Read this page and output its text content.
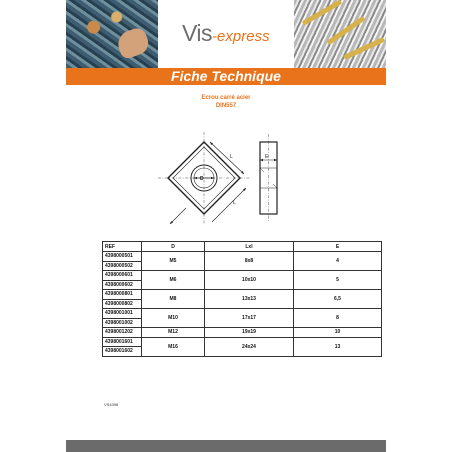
Vis-express
Fiche Technique
Ecrou carré acier
DIN557
D
L
L
E
REF	D	Lxl	E
4398000501	M5	8x8	4
4398000502			
4398000601	M6	10x10	5
4398000602			
4398000801	M8	13x13	6,5
4398000802			
4398001001	M10	17x17	8
4398001002			
4398001202	M12	19x19	10
4398001601	M16	24x24	13
4398001602			
VS4398
